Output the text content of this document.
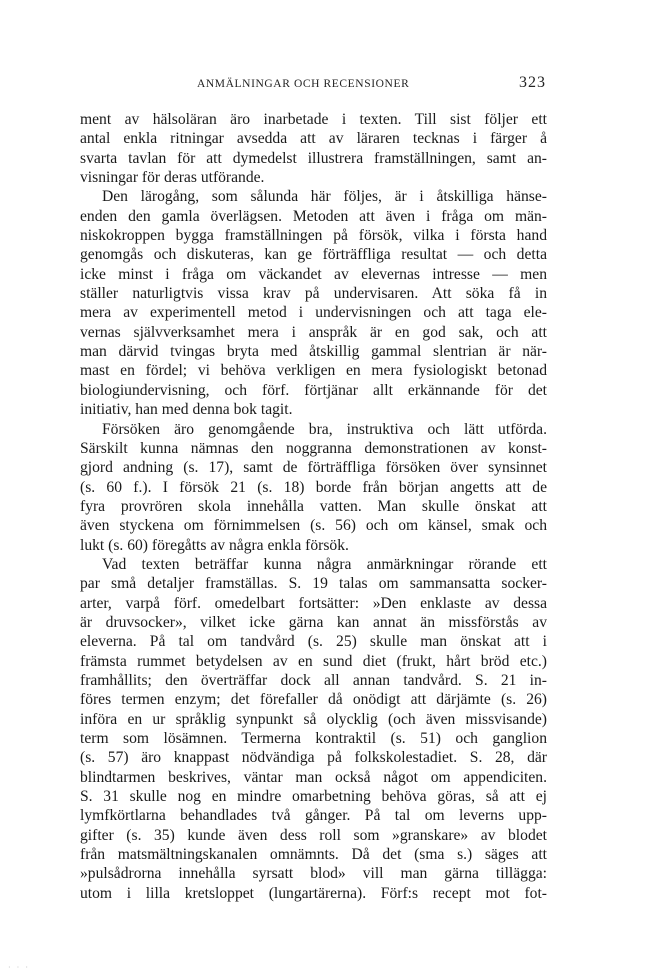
ANMÄLNINGAR OCH RECENSIONER	323
ment av hälsoläran äro inarbetade i texten. Till sist följer ett
antal enkla ritningar avsedda att av läraren tecknas i färger å
svarta tavlan för att dymedelst illustrera framställningen, samt an-
visningar för deras utförande.
Den lärogång, som sålunda här följes, är i åtskilliga hänse-
enden den gamla överlägsen. Metoden att även i fråga om män-
niskokroppen bygga framställningen på försök, vilka i första hand
genomgås och diskuteras, kan ge förträffliga resultat — och detta
icke minst i fråga om väckandet av elevernas intresse — men
ställer naturligtvis vissa krav på undervisaren. Att söka få in
mera av experimentell metod i undervisningen och att taga ele-
vernas självverksamhet mera i anspråk är en god sak, och att
man därvid tvingas bryta med åtskillig gammal slentrian är när-
mast en fördel; vi behöva verkligen en mera fysiologiskt betonad
biologiundervisning, och förf. förtjänar allt erkännande för det
initiativ, han med denna bok tagit.
Försöken äro genomgående bra, instruktiva och lätt utförda.
Särskilt kunna nämnas den noggranna demonstrationen av konst-
gjord andning (s. 17), samt de förträffliga försöken över synsinnet
(s. 60 f.). I försök 21 (s. 18) borde från början angetts att de
fyra provrören skola innehålla vatten. Man skulle önskat att
även styckena om förnimmelsen (s. 56) och om känsel, smak och
lukt (s. 60) föregåtts av några enkla försök.
Vad texten beträffar kunna några anmärkningar rörande ett
par små detaljer framställas. S. 19 talas om sammansatta socker-
arter, varpå förf. omedelbart fortsätter: »Den enklaste av dessa
är druvsocker», vilket icke gärna kan annat än missförstås av
eleverna. På tal om tandvård (s. 25) skulle man önskat att i
främsta rummet betydelsen av en sund diet (frukt, hårt bröd etc.)
framhållits; den överträffar dock all annan tandvård. S. 21 in-
föres termen enzym; det förefaller då onödigt att därjämte (s. 26)
införa en ur språklig synpunkt så olycklig (och även missvisande)
term som lösämnen. Termerna kontraktil (s. 51) och ganglion
(s. 57) äro knappast nödvändiga på folkskolestadiet. S. 28, där
blindtarmen beskrives, väntar man också något om appendiciten.
S. 31 skulle nog en mindre omarbetning behöva göras, så att ej
lymfkörtlarna behandlades två gånger. På tal om leverns upp-
gifter (s. 35) kunde även dess roll som »granskare» av blodet
från matsmältningskanalen omnämnts. Då det (sma s.) säges att
»pulsådrorna innehålla syrsatt blod» vill man gärna tillägga:
utom i lilla kretsloppet (lungartärerna). Förf:s recept mot fot-
· · ·
